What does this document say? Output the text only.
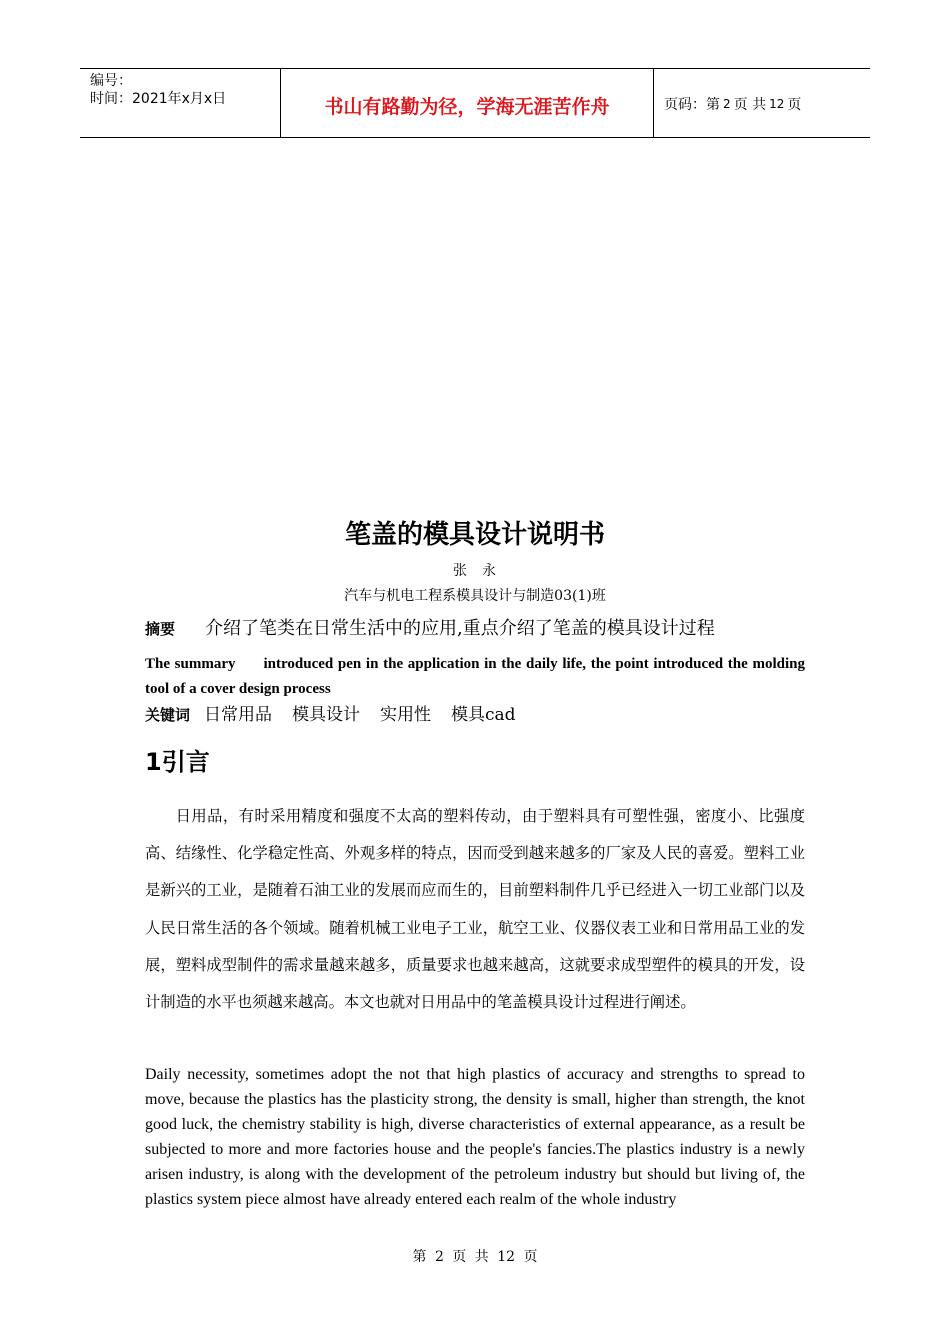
编号：
时间：2021年x月x日	书山有路勤为径，学海无涯苦作舟	页码：第 2 页 共 12 页
笔盖的模具设计说明书
张 永
汽车与机电工程系模具设计与制造03(1)班
摘要 介绍了笔类在日常生活中的应用,重点介绍了笔盖的模具设计过程
The summary introduced pen in the application in the daily life, the point introduced the molding tool of a cover design process
关键词 日常用品 模具设计 实用性 模具cad
1引言
日用品，有时采用精度和强度不太高的塑料传动，由于塑料具有可塑性强，密度小、比强度高、结缘性、化学稳定性高、外观多样的特点，因而受到越来越多的厂家及人民的喜爱。塑料工业是新兴的工业，是随着石油工业的发展而应而生的，目前塑料制件几乎已经进入一切工业部门以及人民日常生活的各个领域。随着机械工业电子工业，航空工业、仪器仪表工业和日常用品工业的发展，塑料成型制件的需求量越来越多，质量要求也越来越高，这就要求成型塑件的模具的开发，设计制造的水平也须越来越高。本文也就对日用品中的笔盖模具设计过程进行阐述。
Daily necessity, sometimes adopt the not that high plastics of accuracy and strengths to spread to move, because the plastics has the plasticity strong, the density is small, higher than strength, the knot good luck, the chemistry stability is high, diverse characteristics of external appearance, as a result be subjected to more and more factories house and the people's fancies.The plastics industry is a newly arisen industry, is along with the development of the petroleum industry but should but living of, the plastics system piece almost have already entered each realm of the whole industry
第 2 页 共 12 页
